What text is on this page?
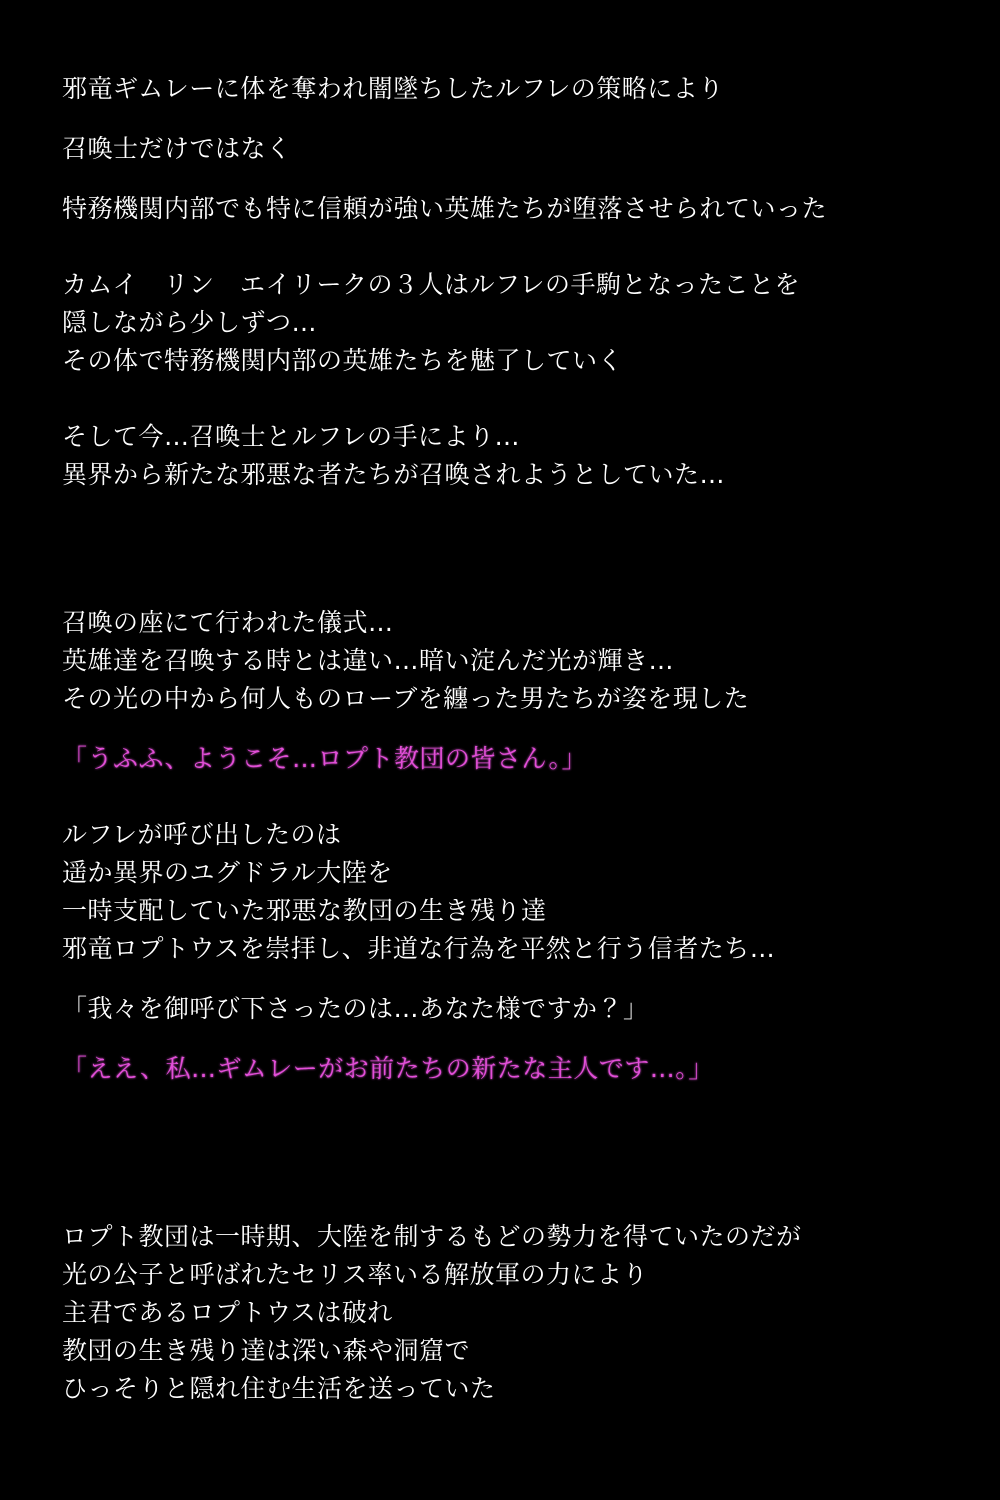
邪竜ギムレーに体を奪われ闇墜ちしたルフレの策略により
召喚士だけではなく
特務機関内部でも特に信頼が強い英雄たちが堕落させられていった
カムイ　リン　エイリークの３人はルフレの手駒となったことを
隠しながら少しずつ…
その体で特務機関内部の英雄たちを魅了していく
そして今…召喚士とルフレの手により…
異界から新たな邪悪な者たちが召喚されようとしていた…
召喚の座にて行われた儀式…
英雄達を召喚する時とは違い…暗い淀んだ光が輝き…
その光の中から何人ものローブを纏った男たちが姿を現した
「うふふ、ようこそ…ロプト教団の皆さん。」
ルフレが呼び出したのは
遥か異界のユグドラル大陸を
一時支配していた邪悪な教団の生き残り達
邪竜ロプトウスを崇拝し、非道な行為を平然と行う信者たち…
「我々を御呼び下さったのは…あなた様ですか？」
「ええ、私…ギムレーがお前たちの新たな主人です…。」
ロプト教団は一時期、大陸を制するもどの勢力を得ていたのだが
光の公子と呼ばれたセリス率いる解放軍の力により
主君であるロプトウスは破れ
教団の生き残り達は深い森や洞窟で
ひっそりと隠れ住む生活を送っていた
